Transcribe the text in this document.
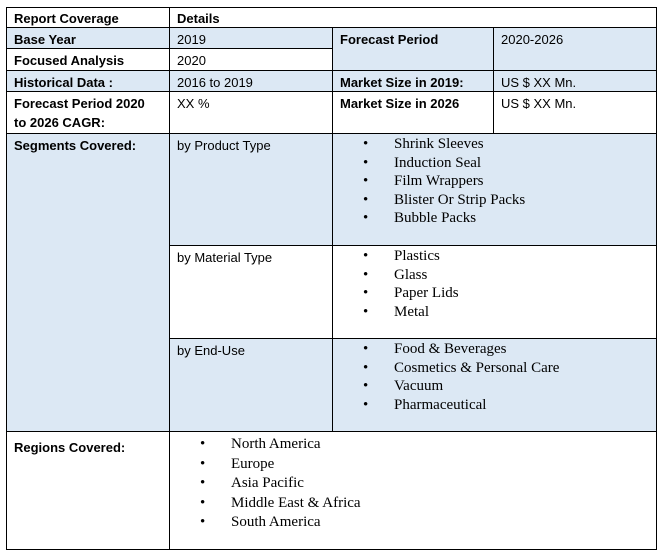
Report Coverage	Details
Base Year	2019	Forecast Period	2020-2026
Focused Analysis	2020
Historical Data :	2016 to 2019	Market Size in 2019:	US $ XX Mn.
Forecast Period 2020
to 2026 CAGR:
XX %	Market Size in 2026	US $ XX Mn.
Segments Covered:	by Product Type	• Shrink Sleeves
• Induction Seal
• Film Wrappers
• Blister Or Strip Packs
• Bubble Packs
by Material Type	• Plastics
• Glass
• Paper Lids
• Metal
by End-Use	• Food & Beverages
• Cosmetics & Personal Care
• Vacuum
• Pharmaceutical
Regions Covered:	• North America
• Europe
• Asia Pacific
• Middle East & Africa
• South America
